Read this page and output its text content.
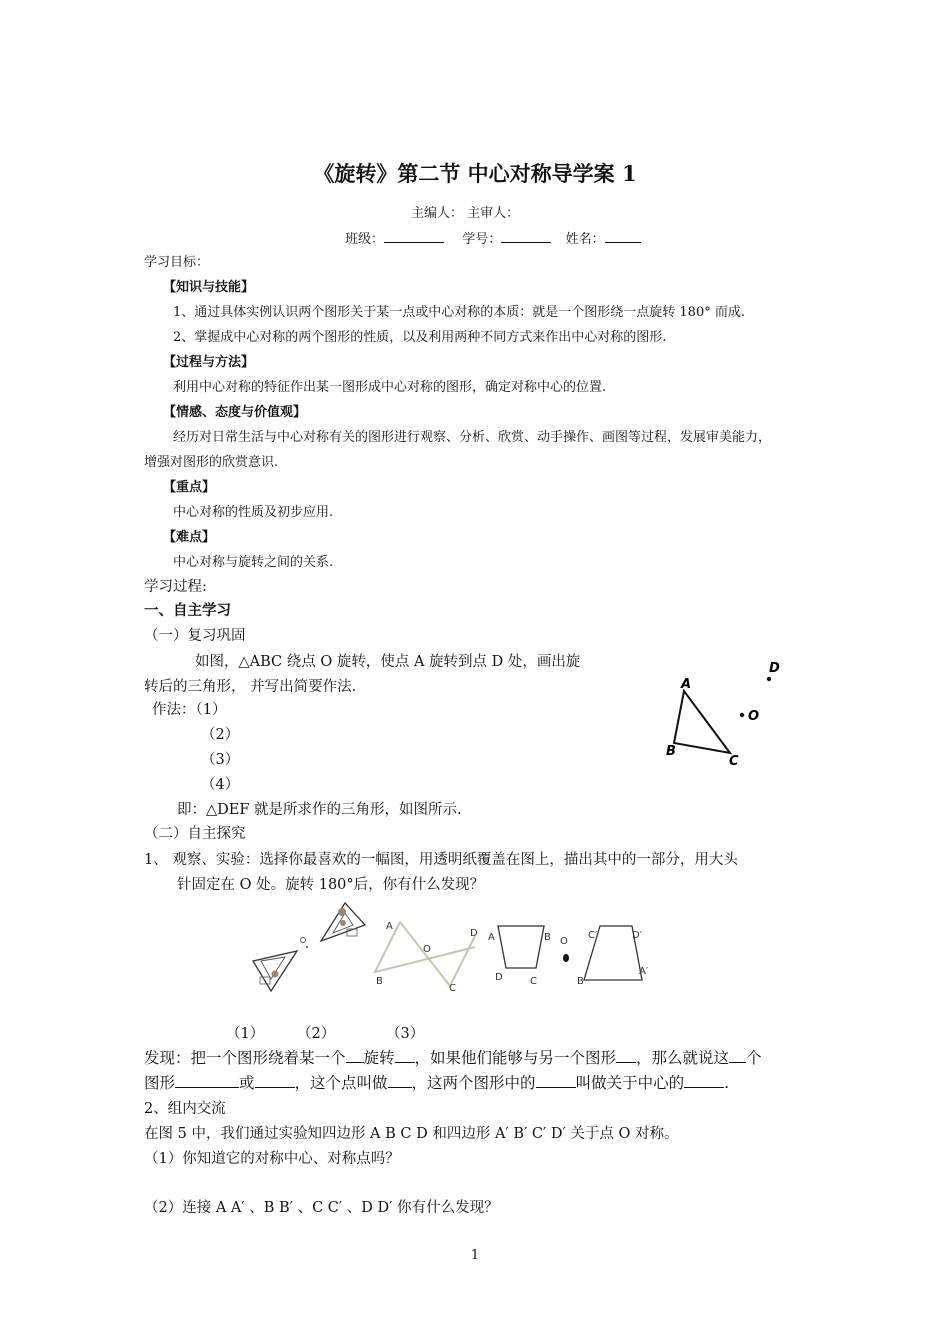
《旋转》第二节 中心对称导学案 1
主编人： 主审人：
班级：	学号：	姓名：
学习目标：
【知识与技能】
1、通过具体实例认识两个图形关于某一点或中心对称的本质：就是一个图形绕一点旋转 180° 而成.
2、掌握成中心对称的两个图形的性质，以及利用两种不同方式来作出中心对称的图形.
【过程与方法】
利用中心对称的特征作出某一图形成中心对称的图形，确定对称中心的位置.
【情感、态度与价值观】
经历对日常生活与中心对称有关的图形进行观察、分析、欣赏、动手操作、画图等过程，发展审美能力，
增强对图形的欣赏意识.
【重点】
中心对称的性质及初步应用.
【难点】
中心对称与旋转之间的关系.
学习过程:
一、自主学习
（一）复习巩固
如图，△ABC 绕点 O 旋转，使点 A 旋转到点 D 处，画出旋
转后的三角形， 并写出简要作法.
作法：（1）
（2）
（3）
（4）
即：△DEF 就是所求作的三角形，如图所示.
A
B
C
D
O
（二）自主探究
1、 观察、实验：选择你最喜欢的一幅图，用透明纸覆盖在图上，描出其中的一部分，用大头
针固定在 O 处。旋转 180°后，你有什么发现？
A
B
O
C
D A	B
C
D
O
C′	D′
A′
B′
（1） （2）	（3）
发现：把一个图形绕着某一个 旋转 ，如果他们能够与另一个图形 ，那么就说这 个
图形	或	，这个点叫做 ，这两个图形中的	叫做关于中心的	.
2、组内交流
在图 5 中，我们通过实验知四边形 A B C D 和四边形 A′ B′ C′ D′ 关于点 O 对称。
（1）你知道它的对称中心、对称点吗？
（2）连接 A A′ 、B B′ 、C C′ 、D D′ 你有什么发现？
1
